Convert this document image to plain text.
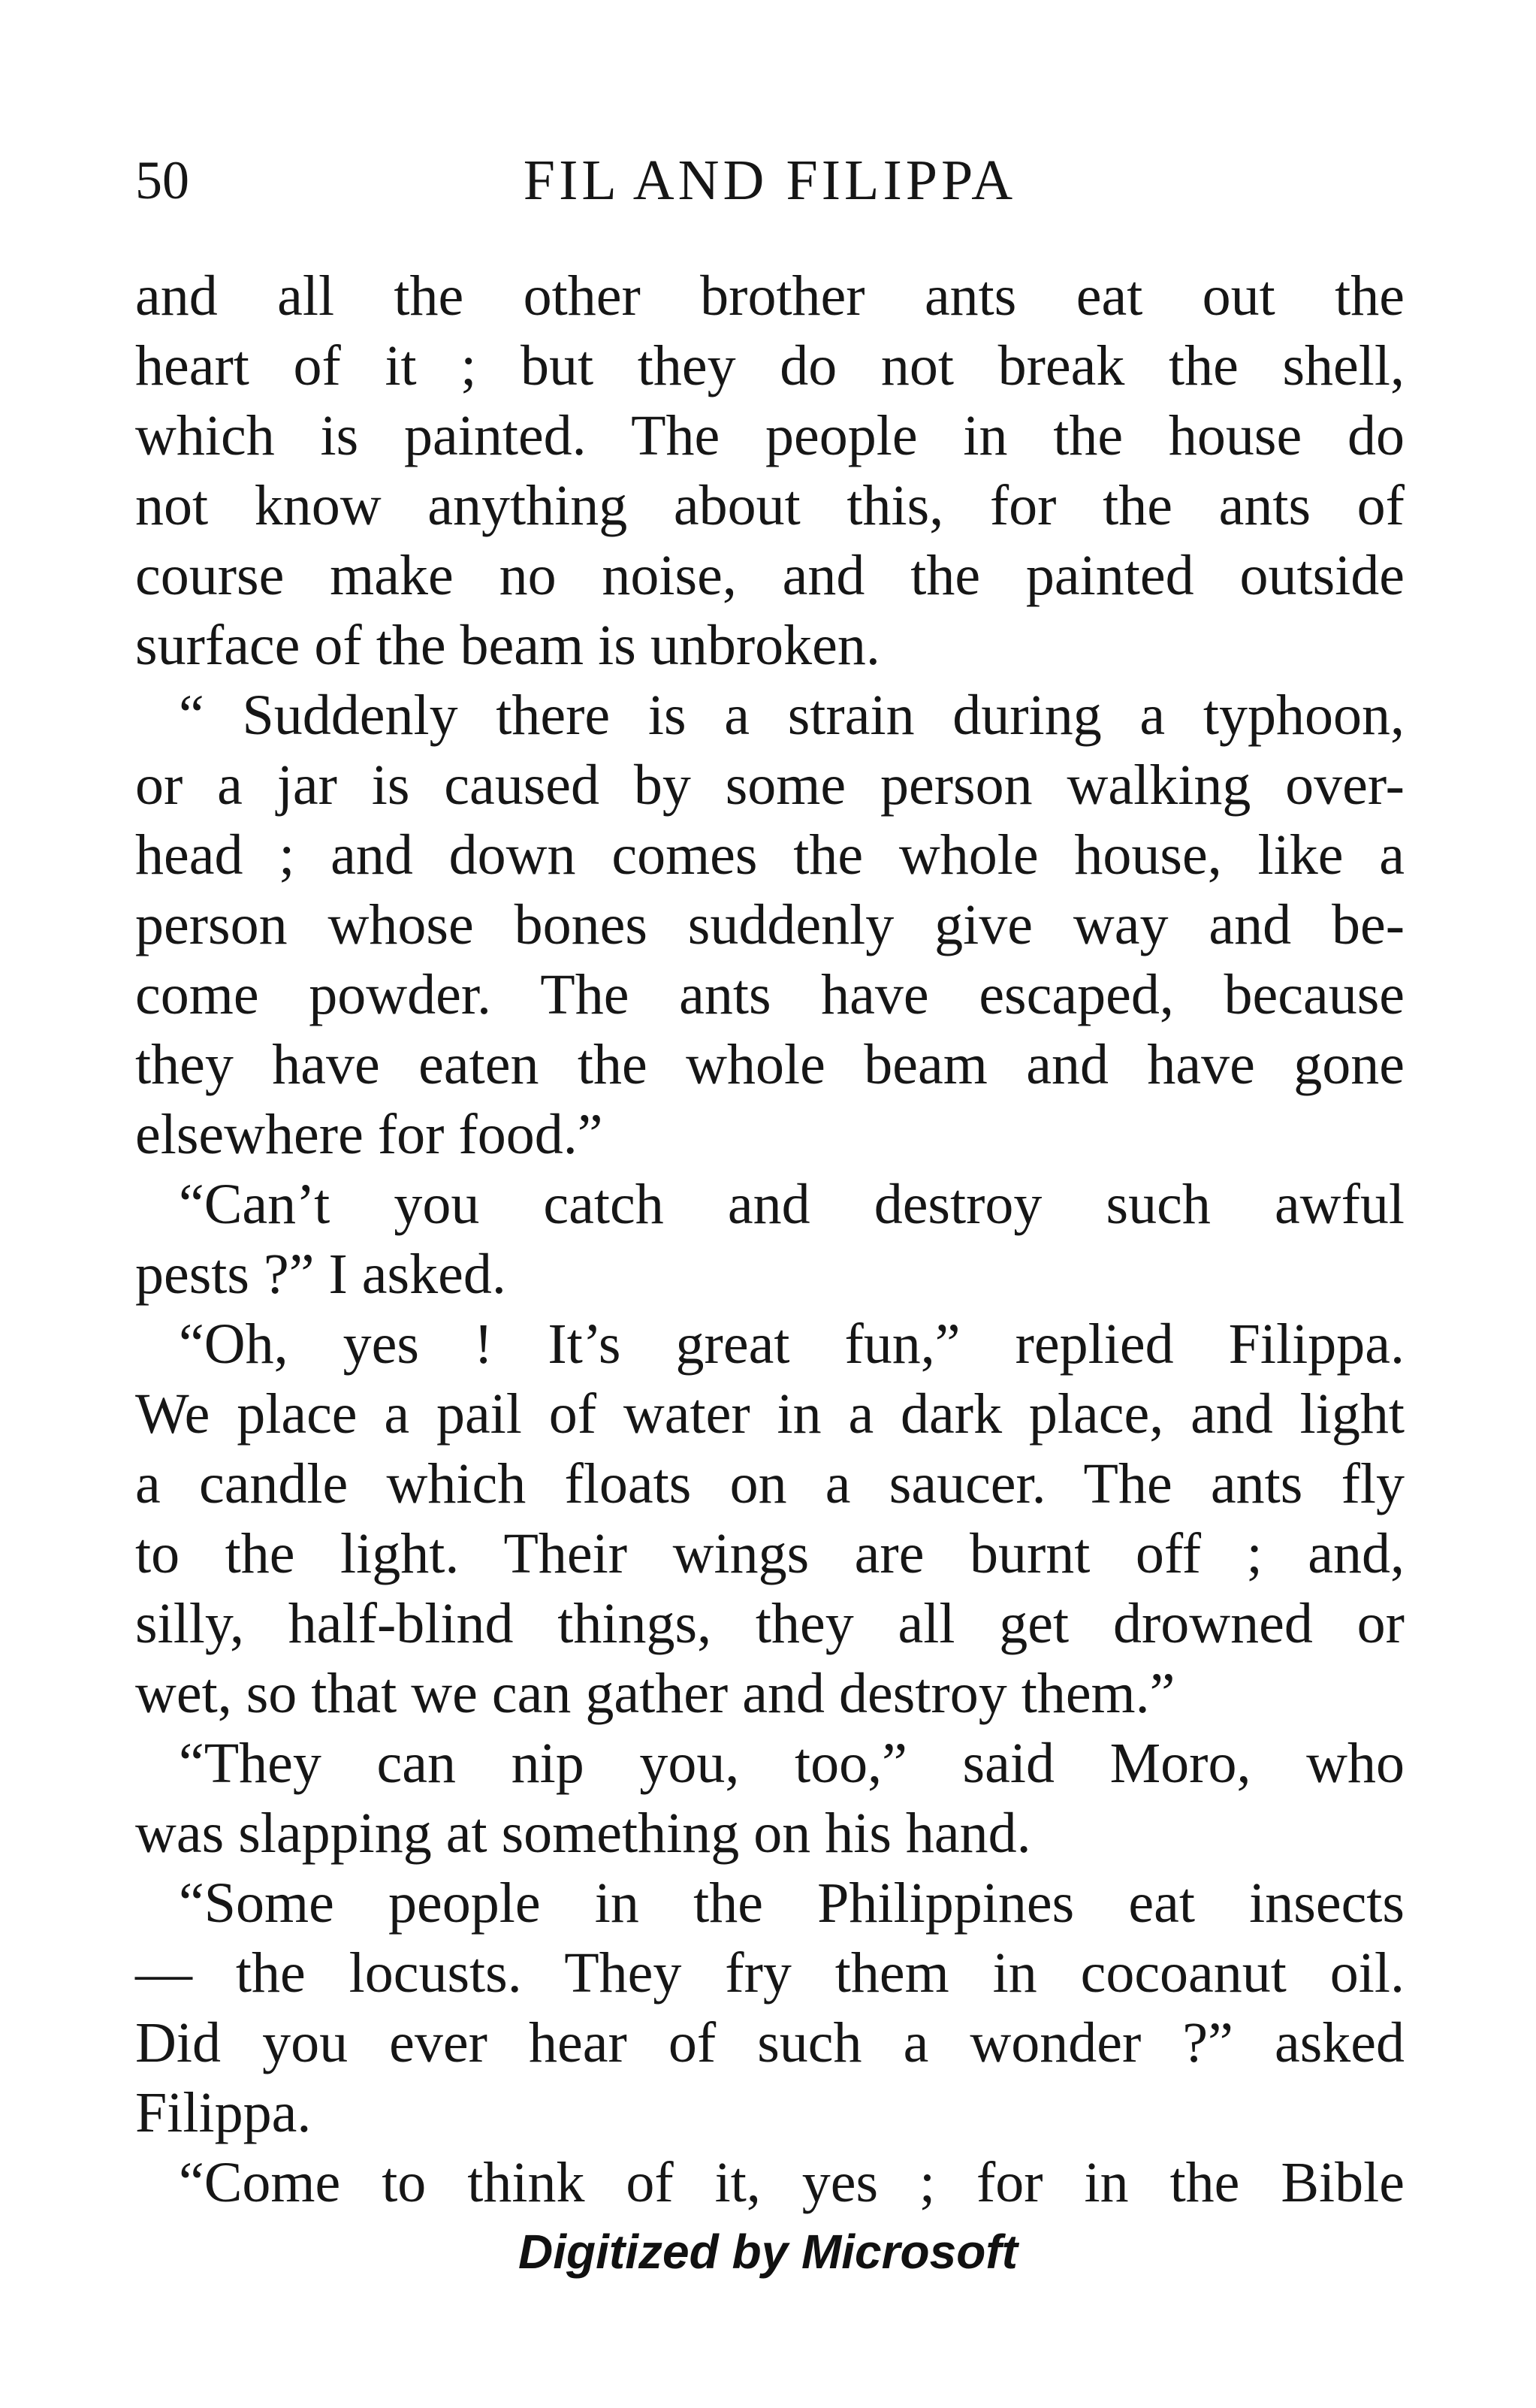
50	FIL AND FILIPPA
and all the other brother ants eat out the
heart of it ; but they do not break the shell,
which is painted. The people in the house do
not know anything about this, for the ants of
course make no noise, and the painted outside
surface of the beam is unbroken.
“ Suddenly there is a strain during a typhoon,
or a jar is caused by some person walking over-
head ; and down comes the whole house, like a
person whose bones suddenly give way and be-
come powder. The ants have escaped, because
they have eaten the whole beam and have gone
elsewhere for food.”
“Can’t you catch and destroy such awful
pests ?” I asked.
“Oh, yes ! It’s great fun,” replied Filippa.
We place a pail of water in a dark place, and light
a candle which floats on a saucer. The ants fly
to the light. Their wings are burnt off ; and,
silly, half-blind things, they all get drowned or
wet, so that we can gather and destroy them.”
“They can nip you, too,” said Moro, who
was slapping at something on his hand.
“Some people in the Philippines eat insects
— the locusts. They fry them in cocoanut oil.
Did you ever hear of such a wonder ?” asked
Filippa.
“Come to think of it, yes ; for in the Bible
Digitized by Microsoft
